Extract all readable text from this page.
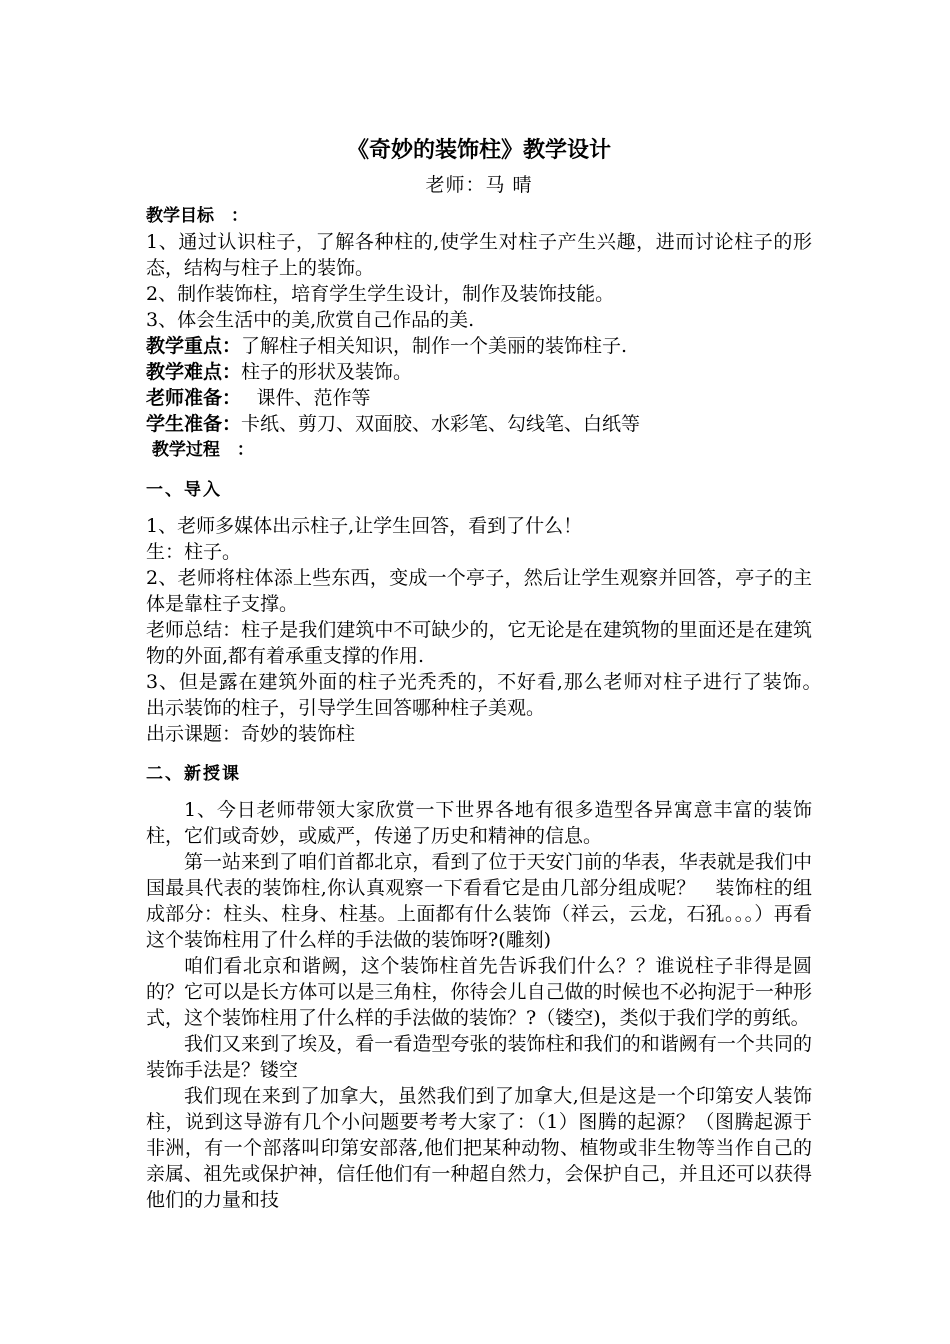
《奇妙的装饰柱》教学设计
老师：马 晴

教学目标　：

1、通过认识柱子，了解各种柱的,使学生对柱子产生兴趣，进而讨论柱子的形态，结构与柱子上的装饰。

2、制作装饰柱，培育学生学生设计，制作及装饰技能。

3、体会生活中的美,欣赏自己作品的美.

教学重点：了解柱子相关知识，制作一个美丽的装饰柱子.

教学难点：柱子的形状及装饰。

老师准备：　 课件、范作等

学生准备：卡纸、剪刀、双面胶、水彩笔、勾线笔、白纸等

教学过程　：

一、导入

1、老师多媒体出示柱子,让学生回答，看到了什么！

生：柱子。

2、老师将柱体添上些东西，变成一个亭子，然后让学生观察并回答，亭子的主体是靠柱子支撑。

老师总结：柱子是我们建筑中不可缺少的，它无论是在建筑物的里面还是在建筑物的外面,都有着承重支撑的作用.

3、但是露在建筑外面的柱子光秃秃的，不好看,那么老师对柱子进行了装饰。　出示装饰的柱子，引导学生回答哪种柱子美观。

出示课题：奇妙的装饰柱

二、新授课

1、今日老师带领大家欣赏一下世界各地有很多造型各异寓意丰富的装饰柱，它们或奇妙，或威严，传递了历史和精神的信息。

第一站来到了咱们首都北京，看到了位于天安门前的华表，华表就是我们中国最具代表的装饰柱,你认真观察一下看看它是由几部分组成呢？　装饰柱的组成部分：柱头、柱身、柱基。上面都有什么装饰（祥云，云龙，石犼。。。）再看这个装饰柱用了什么样的手法做的装饰呀?(雕刻)

咱们看北京和谐阙，这个装饰柱首先告诉我们什么？？谁说柱子非得是圆的？它可以是长方体可以是三角柱，你待会儿自己做的时候也不必拘泥于一种形式，这个装饰柱用了什么样的手法做的装饰？?（镂空)，类似于我们学的剪纸。

我们又来到了埃及，看一看造型夸张的装饰柱和我们的和谐阙有一个共同的装饰手法是？镂空

我们现在来到了加拿大，虽然我们到了加拿大,但是这是一个印第安人装饰柱，说到这导游有几个小问题要考考大家了：（1）图腾的起源？（图腾起源于非洲，有一个部落叫印第安部落,他们把某种动物、植物或非生物等当作自己的亲属、祖先或保护神，信任他们有一种超自然力，会保护自己，并且还可以获得他们的力量和技
